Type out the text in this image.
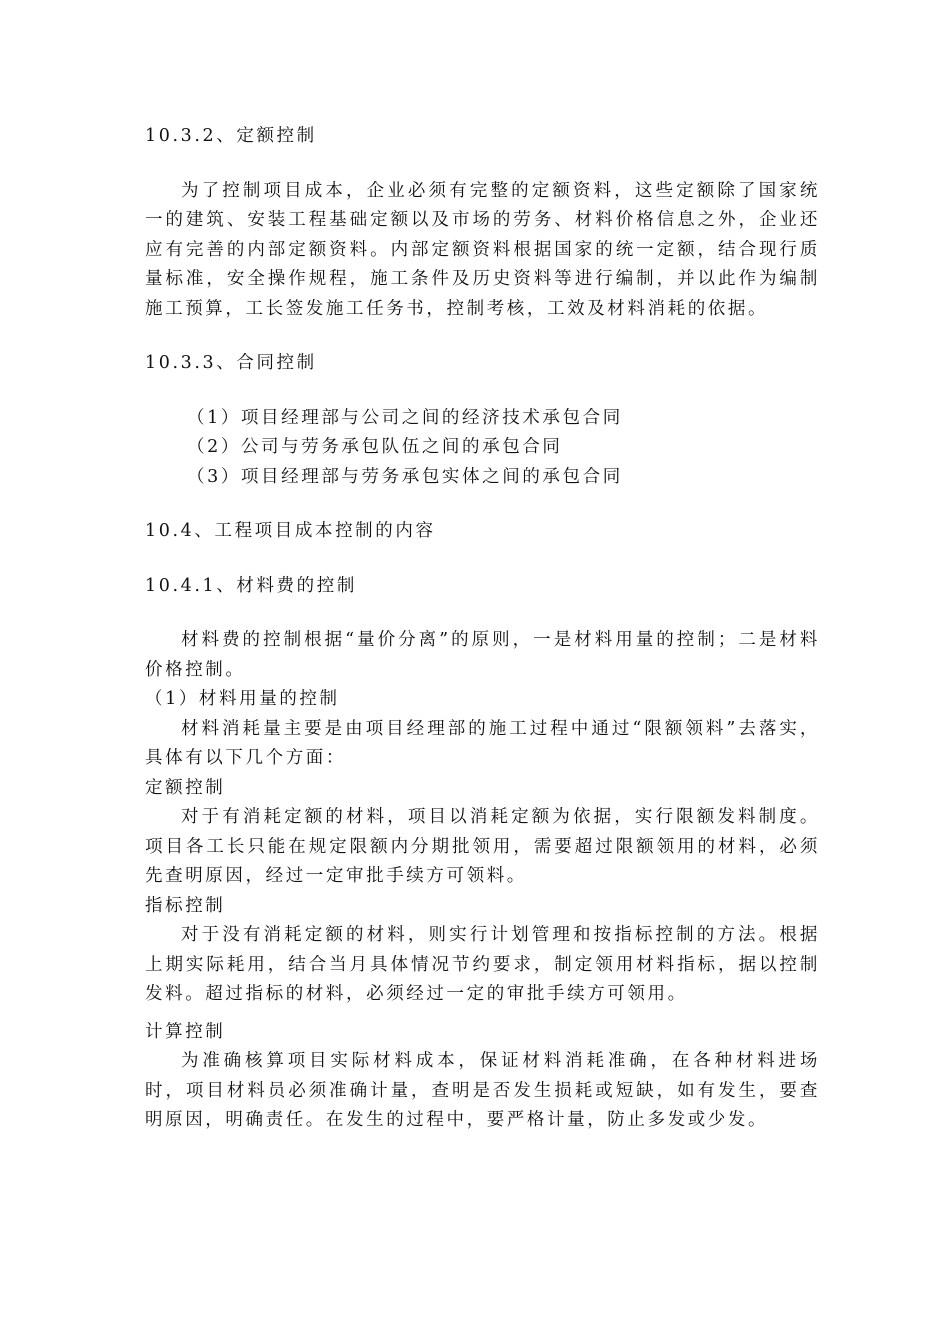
10.3.2、定额控制
为了控制项目成本，企业必须有完整的定额资料，这些定额除了国家统一的建筑、安装工程基础定额以及市场的劳务、材料价格信息之外，企业还应有完善的内部定额资料。内部定额资料根据国家的统一定额，结合现行质量标准，安全操作规程，施工条件及历史资料等进行编制，并以此作为编制施工预算，工长签发施工任务书，控制考核，工效及材料消耗的依据。
10.3.3、合同控制
（1）项目经理部与公司之间的经济技术承包合同
（2）公司与劳务承包队伍之间的承包合同
（3）项目经理部与劳务承包实体之间的承包合同
10.4、工程项目成本控制的内容
10.4.1、材料费的控制
材料费的控制根据“量价分离”的原则，一是材料用量的控制；二是材料价格控制。
（1）材料用量的控制
材料消耗量主要是由项目经理部的施工过程中通过“限额领料”去落实，具体有以下几个方面：
定额控制
对于有消耗定额的材料，项目以消耗定额为依据，实行限额发料制度。项目各工长只能在规定限额内分期批领用，需要超过限额领用的材料，必须先查明原因，经过一定审批手续方可领料。
指标控制
对于没有消耗定额的材料，则实行计划管理和按指标控制的方法。根据上期实际耗用，结合当月具体情况节约要求，制定领用材料指标，据以控制发料。超过指标的材料，必须经过一定的审批手续方可领用。
计算控制
为准确核算项目实际材料成本，保证材料消耗准确，在各种材料进场时，项目材料员必须准确计量，查明是否发生损耗或短缺，如有发生，要查明原因，明确责任。在发生的过程中，要严格计量，防止多发或少发。
